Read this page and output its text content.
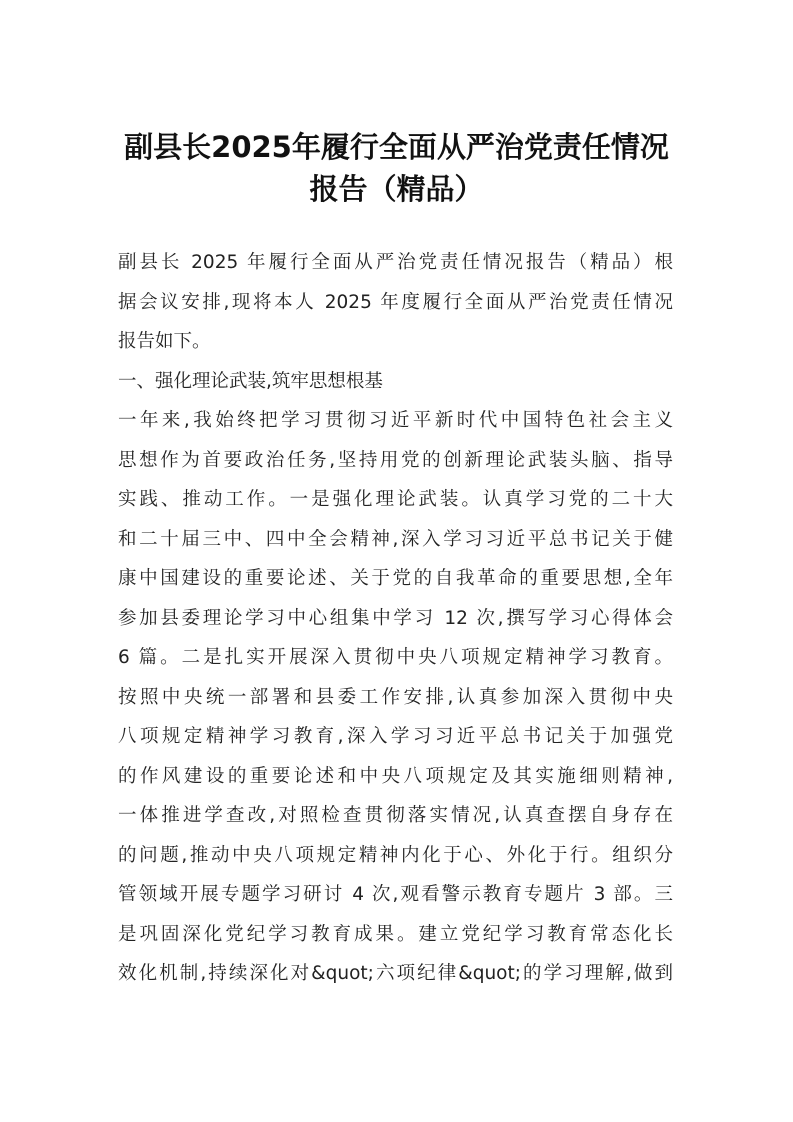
副县长2025年履行全面从严治党责任情况
报告（精品）
副县长 2025 年履行全面从严治党责任情况报告（精品）根
据会议安排,现将本人 2025 年度履行全面从严治党责任情况
报告如下。
一、强化理论武装,筑牢思想根基
一年来,我始终把学习贯彻习近平新时代中国特色社会主义
思想作为首要政治任务,坚持用党的创新理论武装头脑、指导
实践、推动工作。一是强化理论武装。认真学习党的二十大
和二十届三中、四中全会精神,深入学习习近平总书记关于健
康中国建设的重要论述、关于党的自我革命的重要思想,全年
参加县委理论学习中心组集中学习 12 次,撰写学习心得体会
6 篇。二是扎实开展深入贯彻中央八项规定精神学习教育。
按照中央统一部署和县委工作安排,认真参加深入贯彻中央
八项规定精神学习教育,深入学习习近平总书记关于加强党
的作风建设的重要论述和中央八项规定及其实施细则精神,
一体推进学查改,对照检查贯彻落实情况,认真查摆自身存在
的问题,推动中央八项规定精神内化于心、外化于行。组织分
管领域开展专题学习研讨 4 次,观看警示教育专题片 3 部。三
是巩固深化党纪学习教育成果。建立党纪学习教育常态化长
效化机制,持续深化对&quot;六项纪律&quot;的学习理解,做到
